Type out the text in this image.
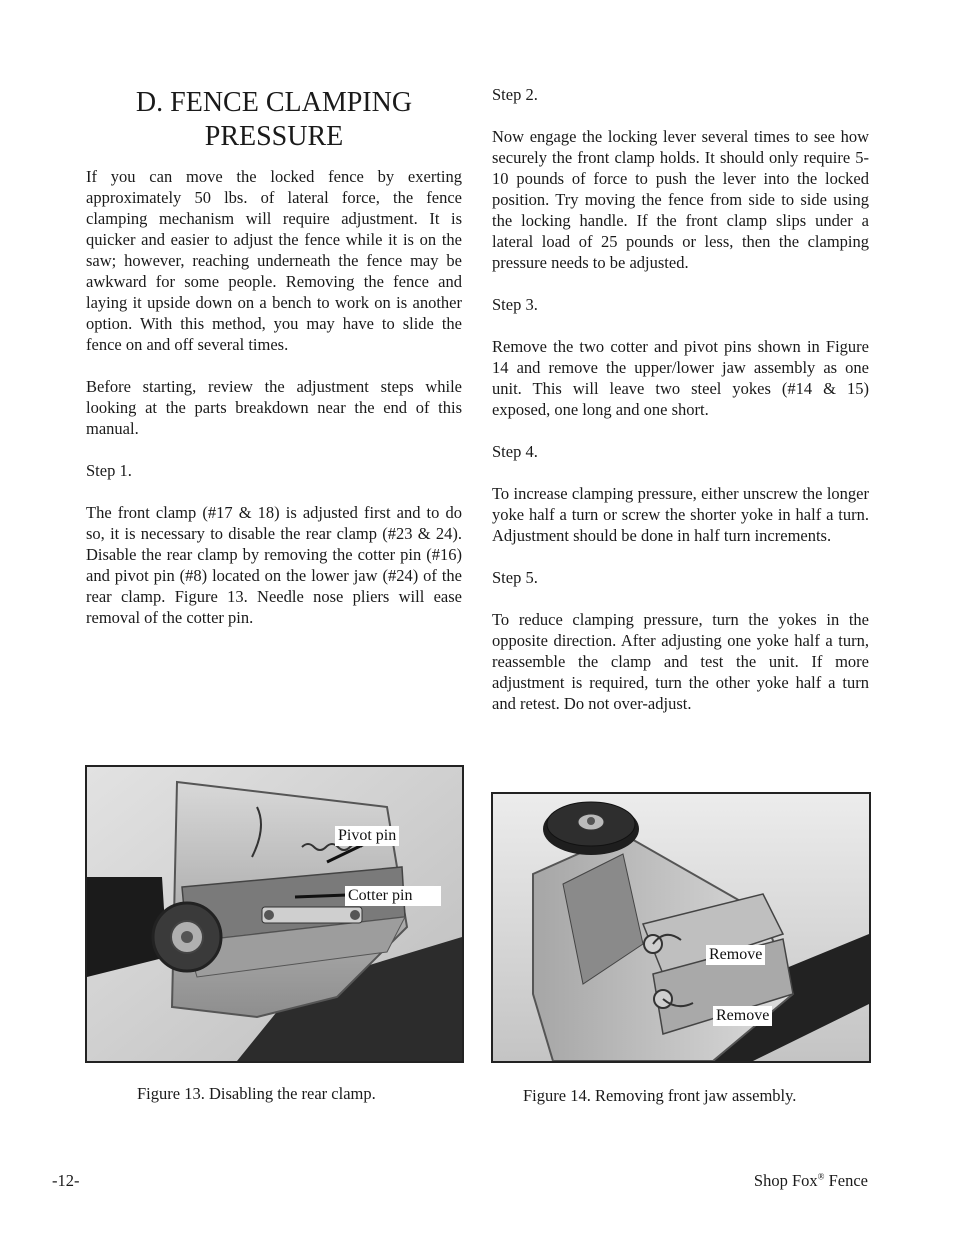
D. FENCE CLAMPING
PRESSURE

If you can move the locked fence by exerting approximately 50 lbs. of lateral force, the fence clamping mechanism will require adjustment. It is quicker and easier to adjust the fence while it is on the saw; however, reaching underneath the fence may be awkward for some people. Removing the fence and laying it upside down on a bench to work on is another option. With this method, you may have to slide the fence on and off several times.

Before starting, review the adjustment steps while looking at the parts breakdown near the end of this manual.

Step 1.

The front clamp (#17 & 18) is adjusted first and to do so, it is necessary to disable the rear clamp (#23 & 24). Disable the rear clamp by removing the cotter pin (#16) and pivot pin (#8) located on the lower jaw (#24) of the rear clamp. Figure 13. Needle nose pliers will ease removal of the cotter pin.

Step 2.

Now engage the locking lever several times to see how securely the front clamp holds. It should only require 5-10 pounds of force to push the lever into the locked position. Try moving the fence from side to side using the locking handle. If the front clamp slips under a lateral load of 25 pounds or less, then the clamping pressure needs to be adjusted.

Step 3.

Remove the two cotter and pivot pins shown in Figure 14 and remove the upper/lower jaw assembly as one unit. This will leave two steel yokes (#14 & 15) exposed, one long and one short.

Step 4.

To increase clamping pressure, either unscrew the longer yoke half a turn or screw the shorter yoke in half a turn. Adjustment should be done in half turn increments.

Step 5.

To reduce clamping pressure, turn the yokes in the opposite direction. After adjusting one yoke half a turn, reassemble the clamp and test the unit. If more adjustment is required, turn the other yoke half a turn and retest. Do not over-adjust.

Pivot pin
Cotter pin
Figure 13. Disabling the rear clamp.
Remove
Remove
Figure 14. Removing front jaw assembly.
-12-	Shop Fox® Fence
